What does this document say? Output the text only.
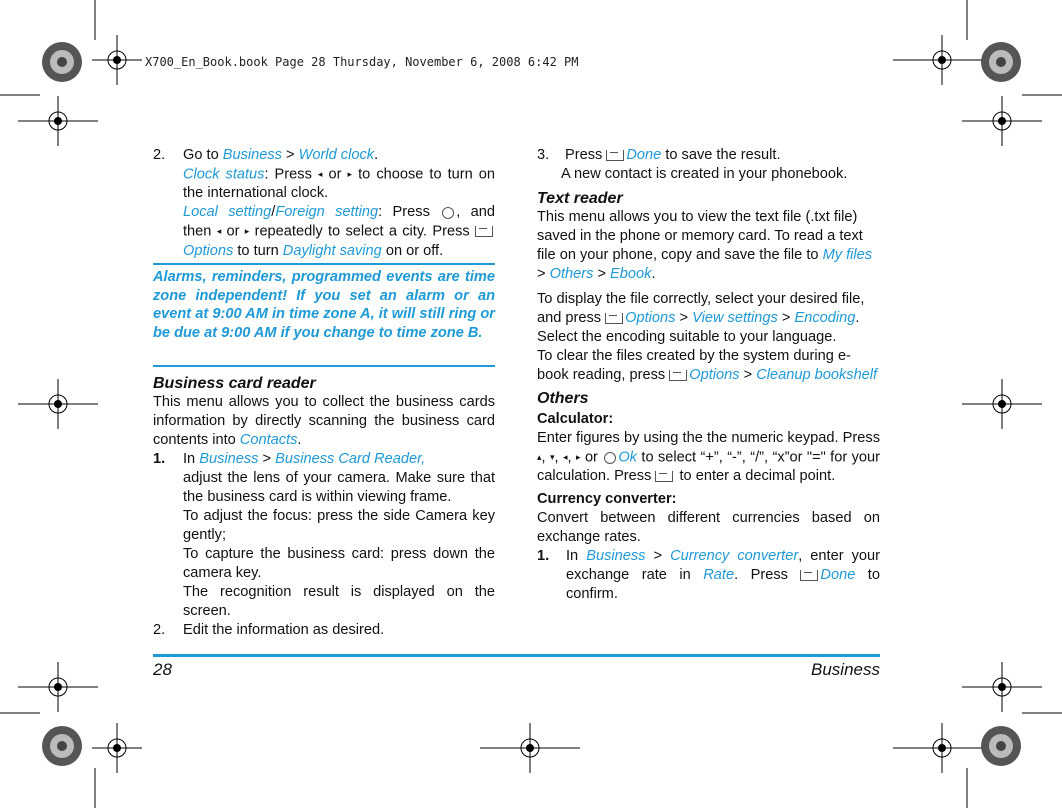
X700_En_Book.book Page 28 Thursday, November 6, 2008 6:42 PM

2. Go to Business > World clock.

Clock status: Press ◂ or ▸ to choose to turn on the international clock.

Local setting/Foreign setting: Press , and then ◂ or ▸ repeatedly to select a city. Press Options to turn Daylight saving on or off.

Alarms, reminders, programmed events are time zone independent! If you set an alarm or an event at 9:00 AM in time zone A, it will still ring or be due at 9:00 AM if you change to time zone B.

Business card reader

This menu allows you to collect the business cards information by directly scanning the business card contents into Contacts.

1. In Business > Business Card Reader,

adjust the lens of your camera. Make sure that the business card is within viewing frame.

To adjust the focus: press the side Camera key gently;

To capture the business card: press down the camera key.

The recognition result is displayed on the screen.

2. Edit the information as desired.

3. Press Done to save the result.

A new contact is created in your phonebook.

Text reader

This menu allows you to view the text file (.txt file) saved in the phone or memory card. To read a text file on your phone, copy and save the file to My files > Others > Ebook.

To display the file correctly, select your desired file, and press Options > View settings > Encoding.

Select the encoding suitable to your language.

To clear the files created by the system during e-book reading, press Options > Cleanup bookshelf

Others

Calculator:

Enter figures by using the the numeric keypad. Press ▴, ▾, ◂, ▸ or Ok to select “+”, “-”, “/”, “x”or "=" for your calculation. Press to enter a decimal point.

Currency converter:

Convert between different currencies based on exchange rates.

1. In Business > Currency converter, enter your exchange rate in Rate. Press Done to confirm.

28	Business
